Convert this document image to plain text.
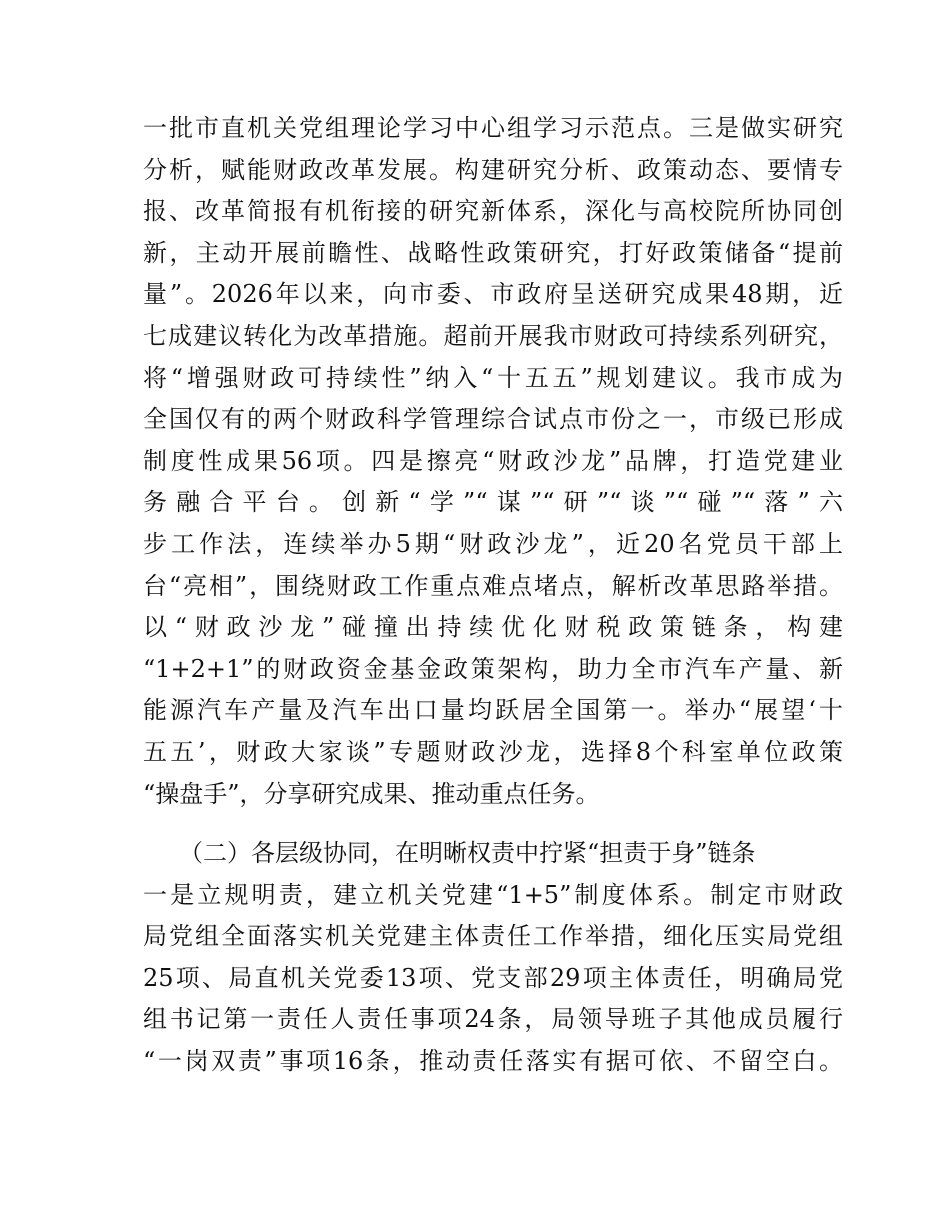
一批市直机关党组理论学习中心组学习示范点。三是做实研究
分析，赋能财政改革发展。构建研究分析、政策动态、要情专
报、改革简报有机衔接的研究新体系，深化与高校院所协同创
新，主动开展前瞻性、战略性政策研究，打好政策储备“提前
量”。2026年以来，向市委、市政府呈送研究成果48期，近
七成建议转化为改革措施。超前开展我市财政可持续系列研究，
将“增强财政可持续性”纳入“十五五”规划建议。我市成为
全国仅有的两个财政科学管理综合试点市份之一，市级已形成
制度性成果56项。四是擦亮“财政沙龙”品牌，打造党建业
务融合平台。创新“学”“谋”“研”“谈”“碰”“落”六
步工作法，连续举办5期“财政沙龙”，近20名党员干部上
台“亮相”，围绕财政工作重点难点堵点，解析改革思路举措。
以“财政沙龙”碰撞出持续优化财税政策链条，构建
“1+2+1”的财政资金基金政策架构，助力全市汽车产量、新
能源汽车产量及汽车出口量均跃居全国第一。举办“展望‘十
五五’，财政大家谈”专题财政沙龙，选择8个科室单位政策
“操盘手”，分享研究成果、推动重点任务。
（二）各层级协同，在明晰权责中拧紧“担责于身”链条
一是立规明责，建立机关党建“1+5”制度体系。制定市财政
局党组全面落实机关党建主体责任工作举措，细化压实局党组
25项、局直机关党委13项、党支部29项主体责任，明确局党
组书记第一责任人责任事项24条，局领导班子其他成员履行
“一岗双责”事项16条，推动责任落实有据可依、不留空白。
